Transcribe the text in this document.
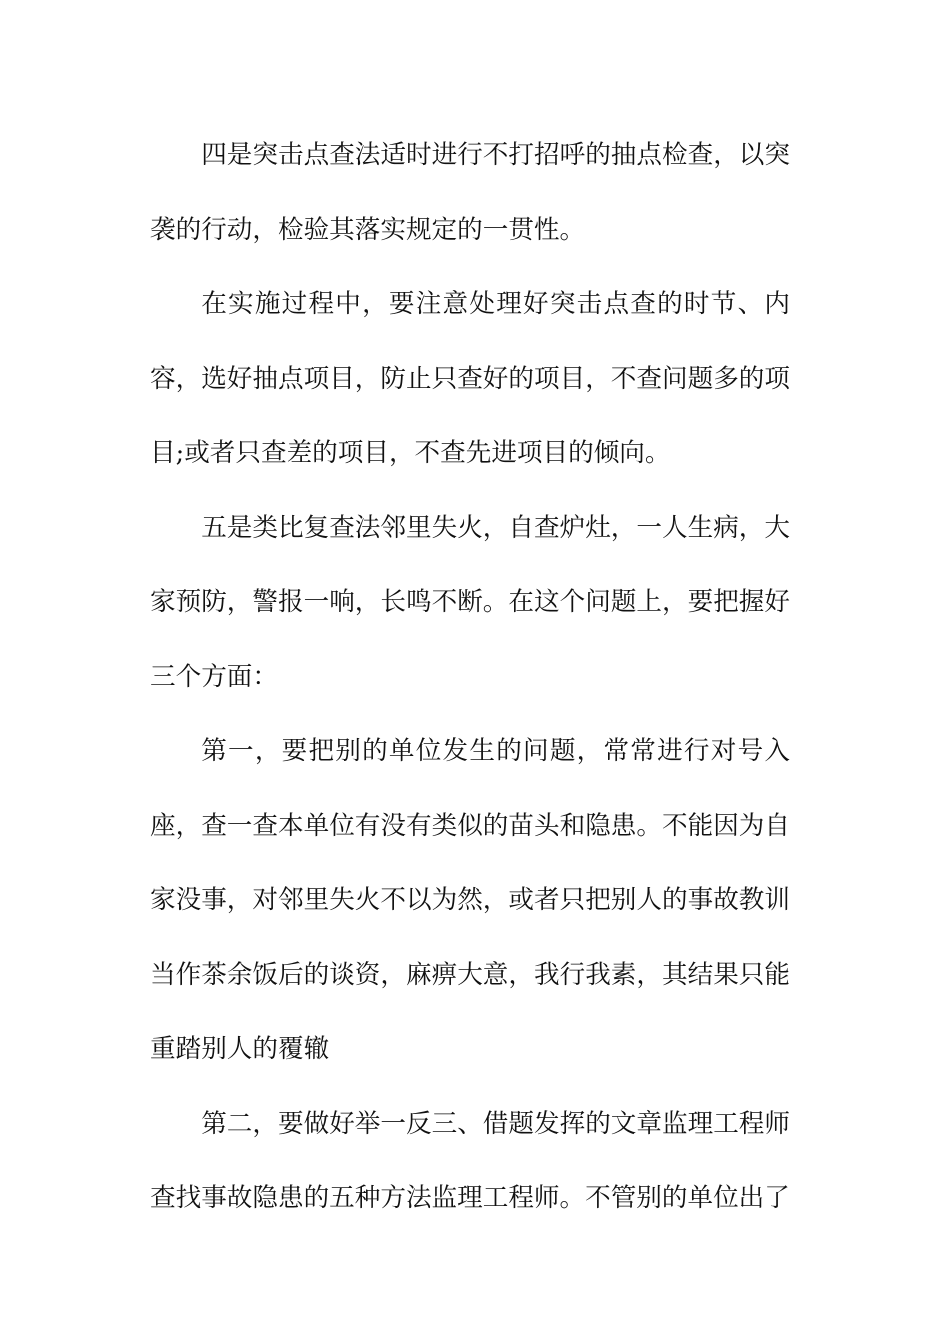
四是突击点查法适时进行不打招呼的抽点检查，以突袭的行动，检验其落实规定的一贯性。

在实施过程中，要注意处理好突击点查的时节、内容，选好抽点项目，防止只查好的项目，不查问题多的项目;或者只查差的项目，不查先进项目的倾向。

五是类比复查法邻里失火，自查炉灶，一人生病，大家预防，警报一响，长鸣不断。在这个问题上，要把握好三个方面：

第一，要把别的单位发生的问题，常常进行对号入座，查一查本单位有没有类似的苗头和隐患。不能因为自家没事，对邻里失火不以为然，或者只把别人的事故教训当作茶余饭后的谈资，麻痹大意，我行我素，其结果只能重踏别人的覆辙

第二，要做好举一反三、借题发挥的文章监理工程师查找事故隐患的五种方法监理工程师。不管别的单位出了
